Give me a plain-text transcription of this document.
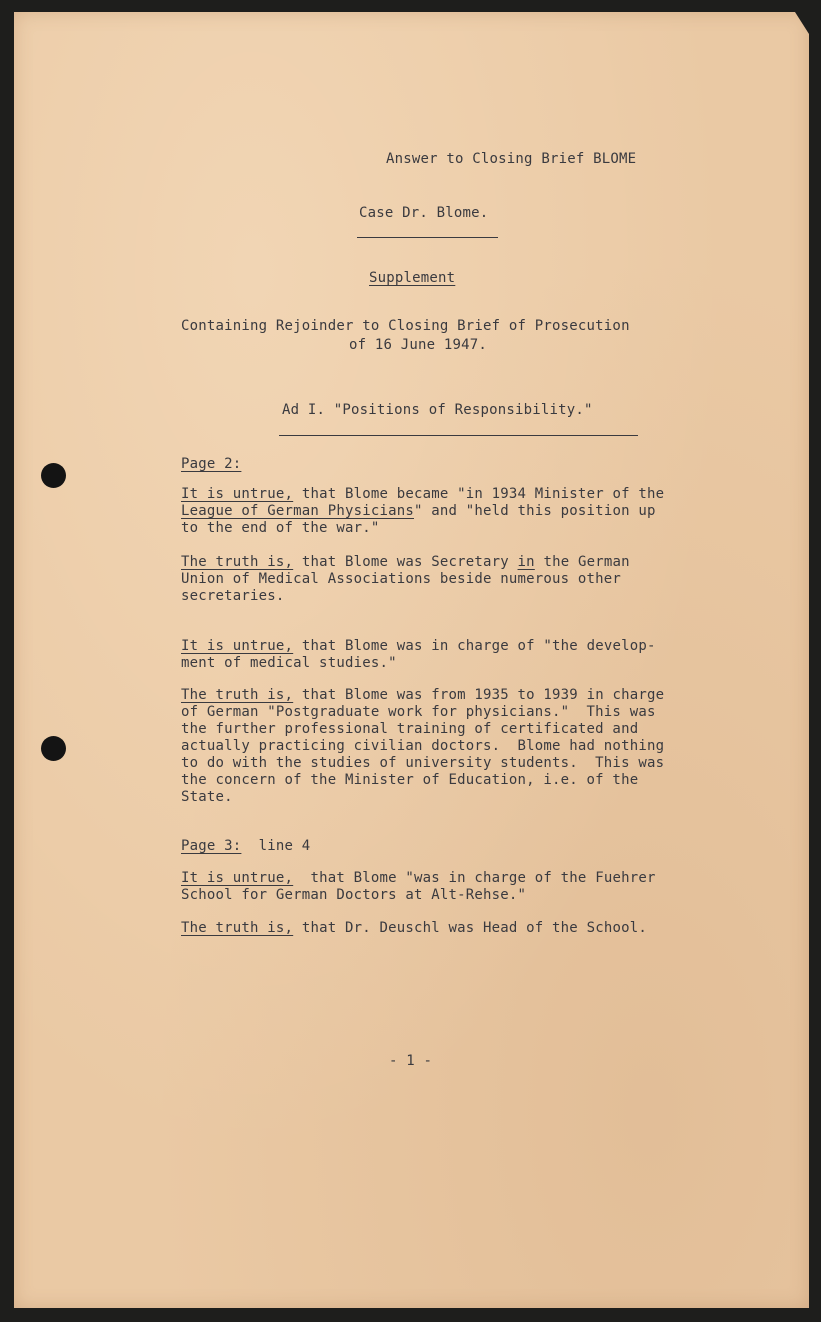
Answer to Closing Brief BLOME

Case Dr. Blome.

Supplement

Containing Rejoinder to Closing Brief of Prosecution

of 16 June 1947.

Ad I. "Positions of Responsibility."

Page 2:

It is untrue, that Blome became "in 1934 Minister of the

League of German Physicians" and "held this position up

to the end of the war."

The truth is, that Blome was Secretary in the German

Union of Medical Associations beside numerous other

secretaries.

It is untrue, that Blome was in charge of "the develop-

ment of medical studies."

The truth is, that Blome was from 1935 to 1939 in charge

of German "Postgraduate work for physicians."  This was

the further professional training of certificated and

actually practicing civilian doctors.  Blome had nothing

to do with the studies of university students.  This was

the concern of the Minister of Education, i.e. of the

State.

Page 3:  line 4

It is untrue,  that Blome "was in charge of the Fuehrer

School for German Doctors at Alt-Rehse."

The truth is, that Dr. Deuschl was Head of the School.

- 1 -
